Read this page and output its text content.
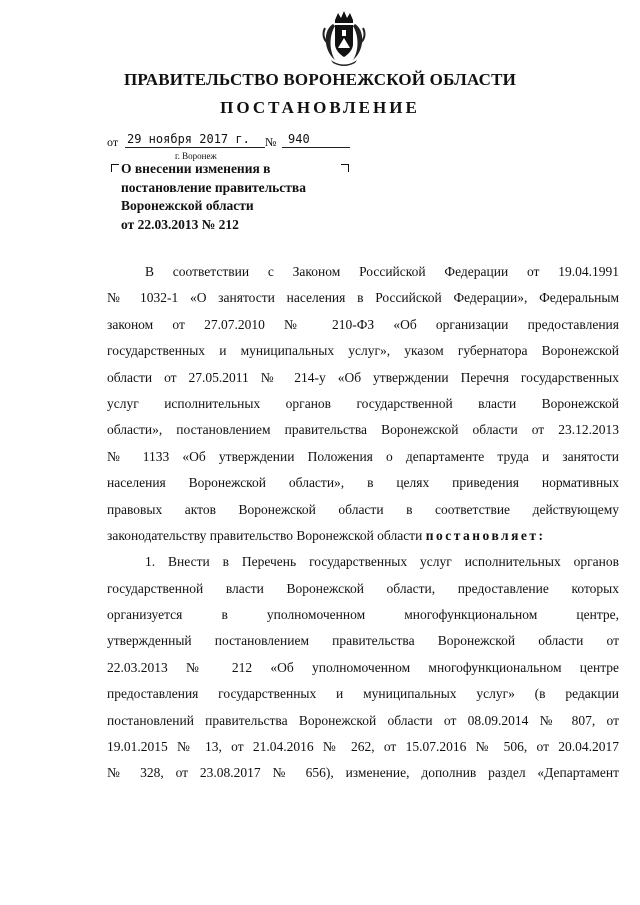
ПРАВИТЕЛЬСТВО ВОРОНЕЖСКОЙ ОБЛАСТИ
ПОСТАНОВЛЕНИЕ
от 29 ноября 2017 г. № 940
г. Воронеж
О внесении изменения в
постановление правительства
Воронежской области
от 22.03.2013 № 212
В соответствии с Законом Российской Федерации от 19.04.1991
№ 1032-1 «О занятости населения в Российской Федерации», Федеральным
законом от 27.07.2010 № 210-ФЗ «Об организации предоставления
государственных и муниципальных услуг», указом губернатора Воронежской
области от 27.05.2011 № 214-у «Об утверждении Перечня государственных
услуг исполнительных органов государственной власти Воронежской
области», постановлением правительства Воронежской области от 23.12.2013
№ 1133 «Об утверждении Положения о департаменте труда и занятости
населения Воронежской области», в целях приведения нормативных
правовых актов Воронежской области в соответствие действующему
законодательству правительство Воронежской области постановляет:
1. Внести в Перечень государственных услуг исполнительных органов
государственной власти Воронежской области, предоставление которых
организуется в уполномоченном многофункциональном центре,
утвержденный постановлением правительства Воронежской области от
22.03.2013 № 212 «Об уполномоченном многофункциональном центре
предоставления государственных и муниципальных услуг» (в редакции
постановлений правительства Воронежской области от 08.09.2014 № 807, от
19.01.2015 № 13, от 21.04.2016 № 262, от 15.07.2016 № 506, от 20.04.2017
№ 328, от 23.08.2017 № 656), изменение, дополнив раздел «Департамент
